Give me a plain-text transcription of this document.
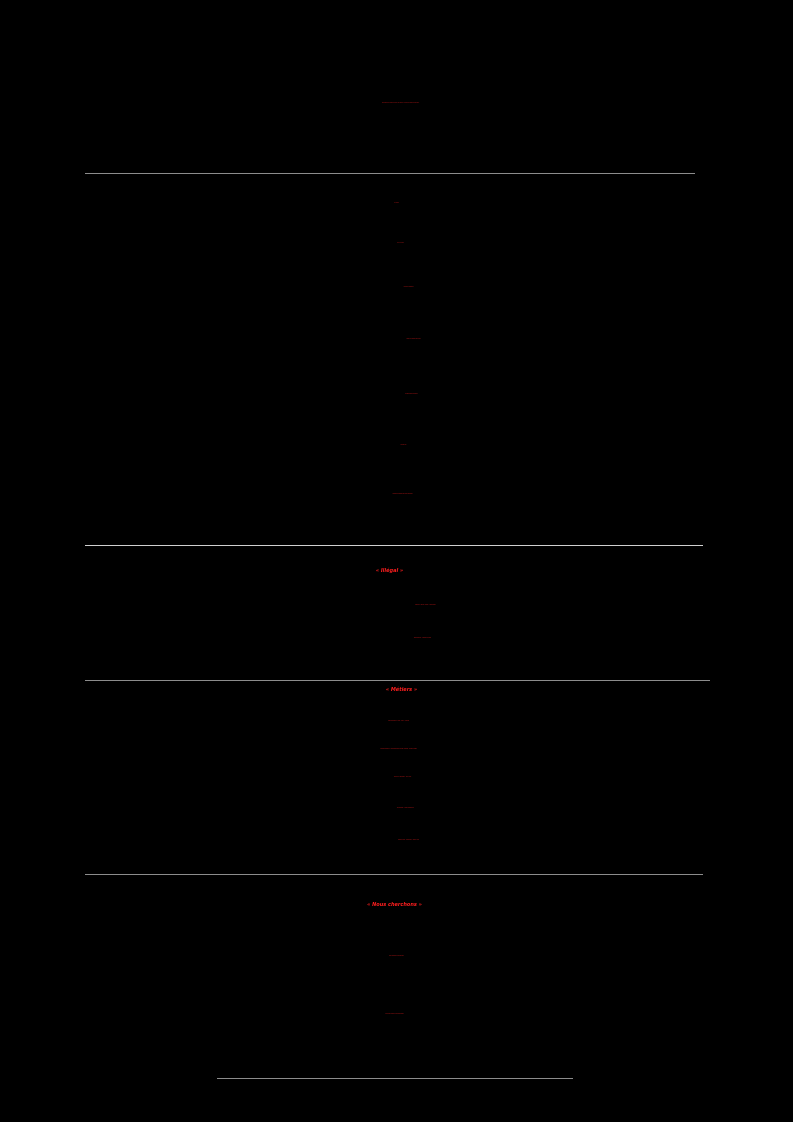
Tout nouveau viens serveur qui ouvrir , pleins de place à pourvoir
64 Slots
Free Access
Serveur Optimisé
Staffs à l'écoute et actifs
Évènements exclusifs
Sérious RP
Véhicules imports et tenue mondés
« Illégal »
Families , Ballas ,Vagos , Marabunta,
Blanchisseur , Vendeur d'arme
« Métiers »
Gouvernement , Lspd , Ems , Avocats
Concessionnaire , Concessionnaire Moto, Mécano , Mécano Moto
Uniicorn , Bahamas , Yello jack
Journaliste , Agent immobilier
Burger Shot , Vignerons , Tabac ,Taxi
« Nous cherchons »
Des patrons d'entreprises
Chefs de gangs ou organisations
